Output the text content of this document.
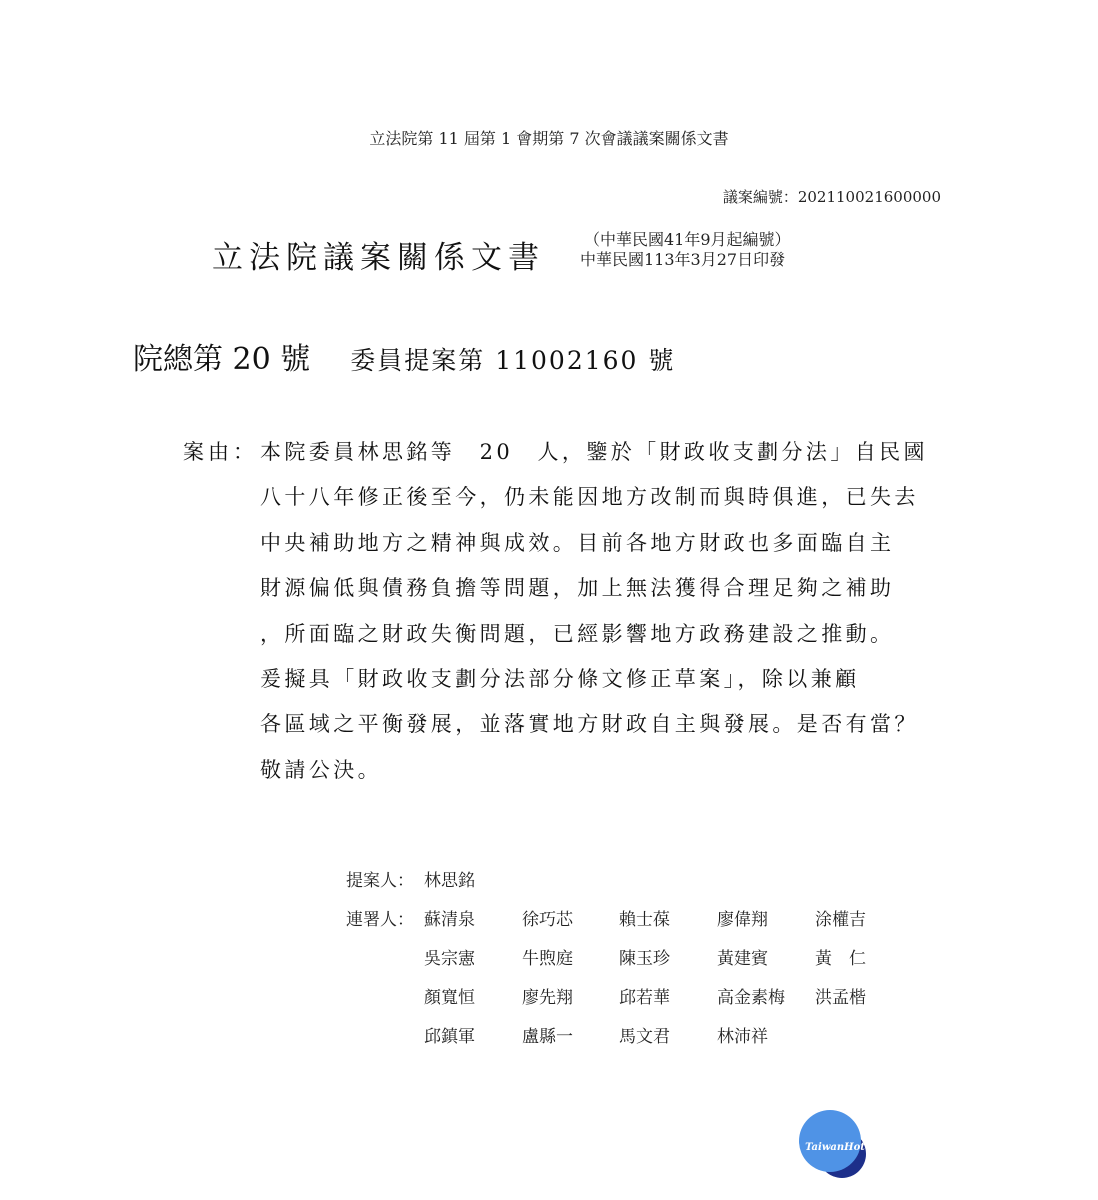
立法院第 11 屆第 1 會期第 7 次會議議案關係文書
議案編號：202110021600000
立法院議案關係文書
（中華民國41年9月起編號）
中華民國113年3月27日印發
院總第 20 號 委員提案第 11002160 號
案由： 本院委員林思銘等　20　人，鑒於「財政收支劃分法」自民國

八十八年修正後至今，仍未能因地方改制而與時俱進，已失去

中央補助地方之精神與成效。目前各地方財政也多面臨自主

財源偏低與債務負擔等問題，加上無法獲得合理足夠之補助

，所面臨之財政失衡問題，已經影響地方政務建設之推動。

爰擬具「財政收支劃分法部分條文修正草案」，除以兼顧

各區域之平衡發展，並落實地方財政自主與發展。是否有當？

敬請公決。

提案人： 林思銘
連署人： 蘇清泉	徐巧芯	賴士葆	廖偉翔	涂權吉
吳宗憲	牛煦庭	陳玉珍	黃建賓	黃　仁
顏寬恒	廖先翔	邱若華	高金素梅 洪孟楷
邱鎮軍	盧縣一	馬文君	林沛祥
TaiwanHot
